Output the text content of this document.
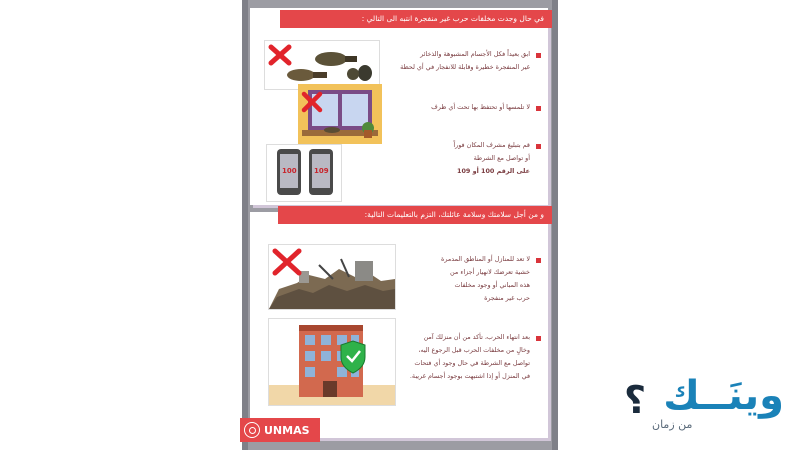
في حال وجدت مخلفات حرب غير منفجرة انتبه الى التالي :
100 109
ابق بعيداً فكل الأجسام المشبوهة والذخائر
غير المنفجرة خطيرة وقابلة للانفجار في أي لحظة
لا تلمسها أو تحتفظ بها تحت أي ظرف
قم بتبليغ مشرف المكان فوراً
أو تواصل مع الشرطة
على الرقم 100 أو 109
و من أجل سلامتك وسلامة عائلتك، التزم بالتعليمات التالية:
لا تعد للمنازل أو المناطق المدمرة
خشية تعرضك لانهيار أجزاء من
هذه المباني أو وجود مخلفات
حرب غير منفجرة
بعد انتهاء الحرب، تأكد من أن منزلك آمن
وخالٍ من مخلفات الحرب قبل الرجوع اليه،
تواصل مع الشرطة في حال وجود أي فتحات
في المنزل أو إذا اشتبهت بوجود أجسام غريبة.
UNMAS
؟ وينَــك
من زمان
